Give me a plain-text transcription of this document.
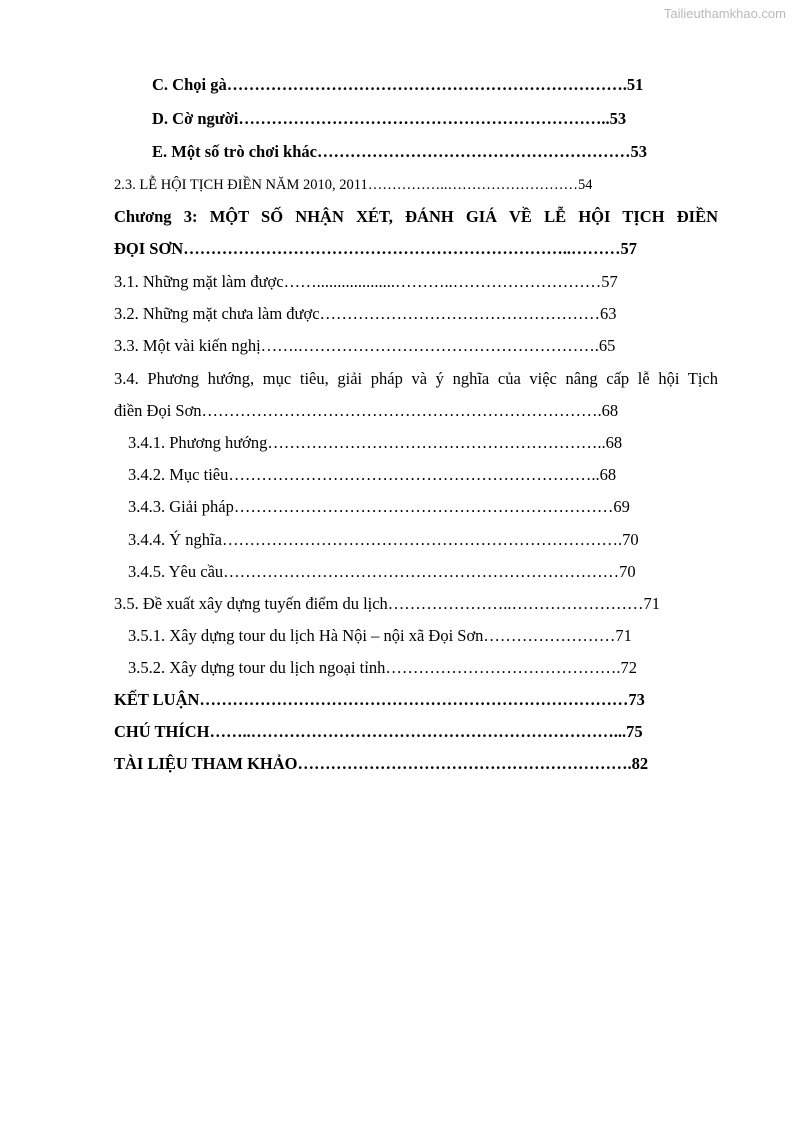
Tailieuthamkhao.com
C. Chọi gà……………………………………………………………….51
D. Cờ người…………………………………………………………..53
E. Một số trò chơi khác…………………………………………………53
2.3. LỄ HỘI TỊCH ĐIỀN NĂM 2010, 2011……………..………………………54
Chương 3: MỘT SỐ NHẬN XÉT, ĐÁNH GIÁ VỀ LỄ HỘI TỊCH ĐIỀN
ĐỌI SƠN……………………………………………………………..………57
3.1. Những mặt làm được……...................………..………………………57
3.2. Những mặt chưa làm được……………………………………………63
3.3. Một vài kiến nghị…….……………………………………………….65
3.4. Phương hướng, mục tiêu, giải pháp và ý nghĩa của việc nâng cấp lễ hội Tịch
điền Đọi Sơn……………………………………………………………….68
3.4.1. Phương hướng……………………………………………………..68
3.4.2. Mục tiêu…………………………………………………………..68
3.4.3. Giải pháp……………………………………………………………69
3.4.4. Ý nghĩa……………………………………………………………….70
3.4.5. Yêu cầu………………………………………………………………70
3.5. Đề xuất xây dựng tuyến điểm du lịch…………………..……………………71
3.5.1. Xây dựng tour du lịch Hà Nội – nội xã Đọi Sơn……………………71
3.5.2. Xây dựng tour du lịch ngoại tỉnh…………………………………….72
KẾT LUẬN……………………………………………………………………73
CHÚ THÍCH……..…………………………………………………………...75
TÀI LIỆU THAM KHẢO…………………………………………………….82
